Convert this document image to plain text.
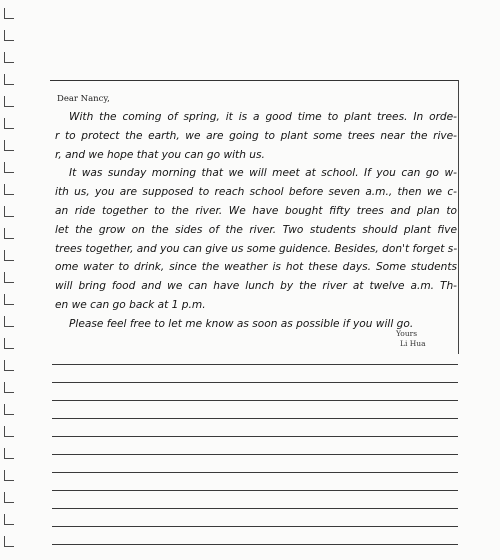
Dear Nancy,

With the coming of spring, it is a good time to plant trees. In orde-
r to protect the earth, we are going to plant some trees near the rive-
r, and we hope that you can go with us.

It was sunday morning that we will meet at school. If you can go w-
ith us, you are supposed to reach school before seven a.m., then we c-
an ride together to the river. We have bought fifty trees and plan to
let the grow on the sides of the river. Two students should plant five
trees together, and you can give us some guidence. Besides, don't forget s-
ome water to drink, since the weather is hot these days. Some students
will bring food and we can have lunch by the river at twelve a.m. Th-
en we can go back at 1 p.m.

Please feel free to let me know as soon as possible if you will go.

Yours
Li Hua
